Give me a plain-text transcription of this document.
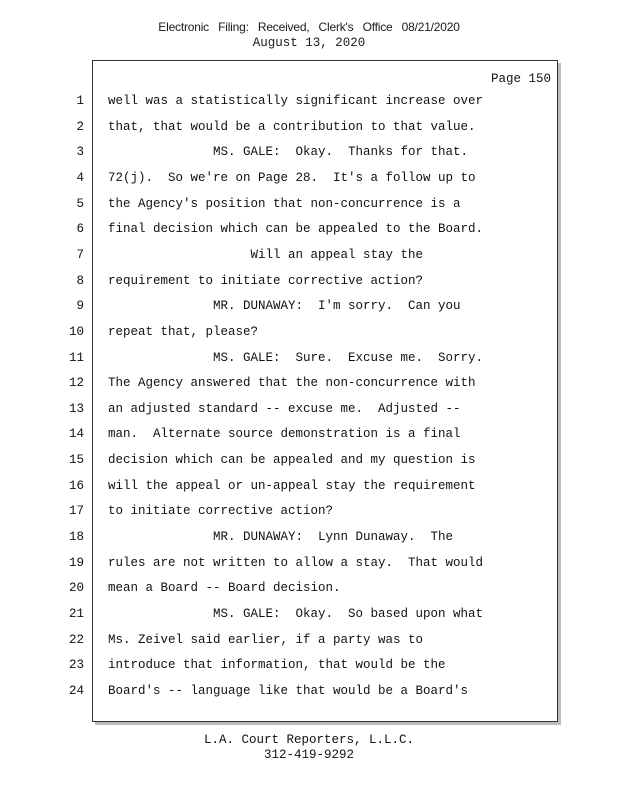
Electronic Filing: Received, Clerk's Office 08/21/2020
August 13, 2020
Page 150
1 well was a statistically significant increase over
2 that, that would be a contribution to that value.
3 MS. GALE:  Okay.  Thanks for that.
4 72(j).  So we're on Page 28.  It's a follow up to
5 the Agency's position that non-concurrence is a
6 final decision which can be appealed to the Board.
7 Will an appeal stay the
8 requirement to initiate corrective action?
9 MR. DUNAWAY:  I'm sorry.  Can you
10 repeat that, please?
11 MS. GALE:  Sure.  Excuse me.  Sorry.
12 The Agency answered that the non-concurrence with
13 an adjusted standard -- excuse me.  Adjusted --
14 man.  Alternate source demonstration is a final
15 decision which can be appealed and my question is
16 will the appeal or un-appeal stay the requirement
17 to initiate corrective action?
18 MR. DUNAWAY:  Lynn Dunaway.  The
19 rules are not written to allow a stay.  That would
20 mean a Board -- Board decision.
21 MS. GALE:  Okay.  So based upon what
22 Ms. Zeivel said earlier, if a party was to
23 introduce that information, that would be the
24 Board's -- language like that would be a Board's
L.A. Court Reporters, L.L.C.
312-419-9292
